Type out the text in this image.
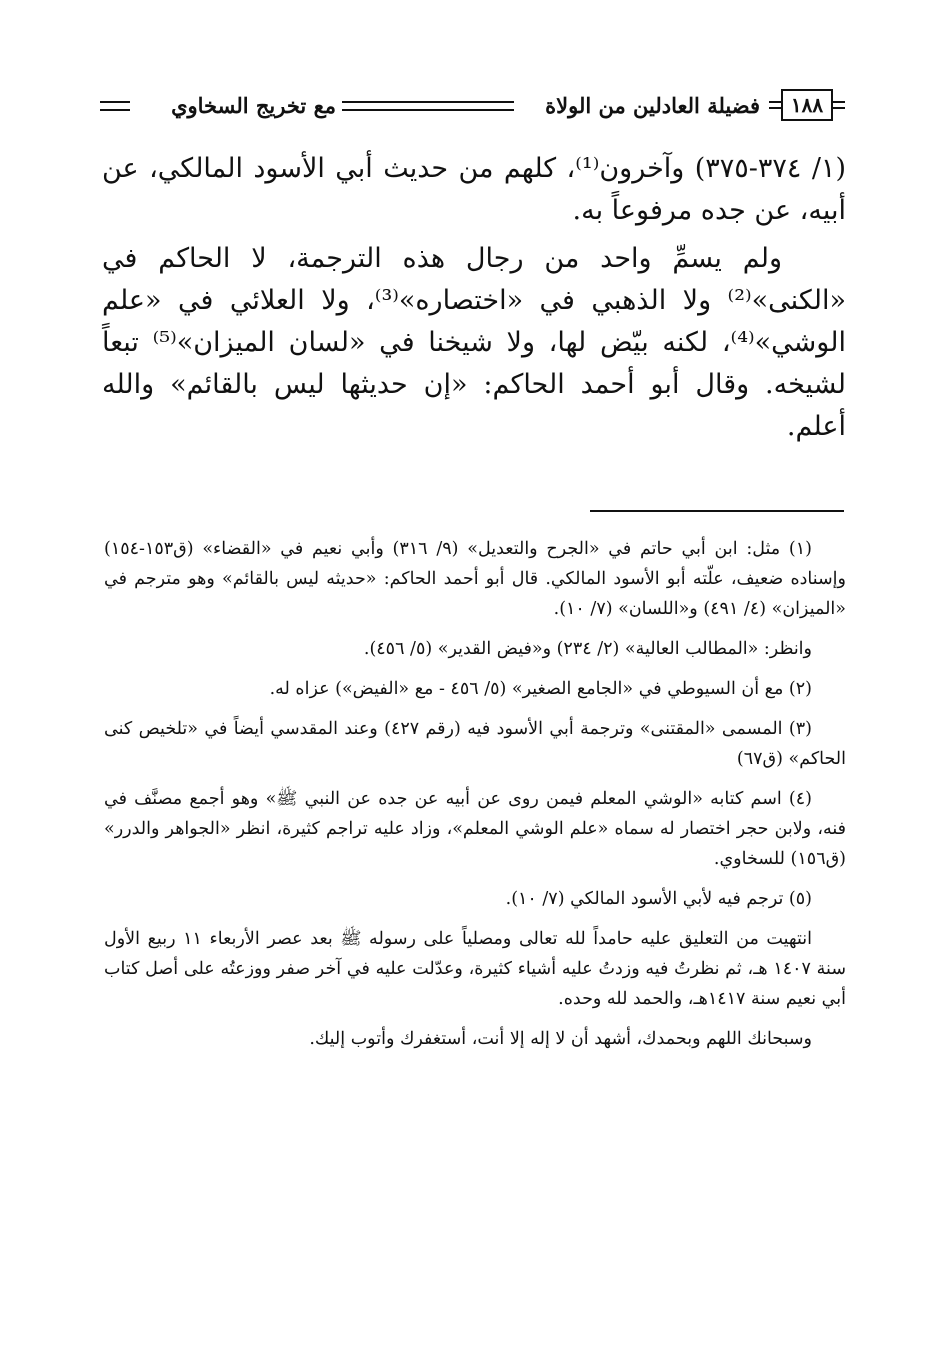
١٨٨
فضيلة العادلين من الولاة
مع تخريج السخاوي

(١/ ٣٧٤-٣٧٥) وآخرون⁽¹⁾، كلهم من حديث أبي الأسود المالكي، عن أبيه، عن جده مرفوعاً به.

ولم يسمِّ واحد من رجال هذه الترجمة، لا الحاكم في «الكنى»⁽²⁾ ولا الذهبي في «اختصاره»⁽³⁾، ولا العلائي في «علم الوشي»⁽⁴⁾، لكنه بيّض لها، ولا شيخنا في «لسان الميزان»⁽⁵⁾ تبعاً لشيخه. وقال أبو أحمد الحاكم: «إن حديثها ليس بالقائم» والله أعلم.

(١) مثل: ابن أبي حاتم في «الجرح والتعديل» (٩/ ٣١٦) وأبي نعيم في «القضاء» (ق١٥٣-١٥٤) وإسناده ضعيف، علّته أبو الأسود المالكي. قال أبو أحمد الحاكم: «حديثه ليس بالقائم» وهو مترجم في «الميزان» (٤/ ٤٩١) و«اللسان» (٧/ ١٠).

وانظر: «المطالب العالية» (٢/ ٢٣٤) و«فيض القدير» (٥/ ٤٥٦).

(٢) مع أن السيوطي في «الجامع الصغير» (٥/ ٤٥٦ - مع «الفيض») عزاه له.

(٣) المسمى «المقتنى» وترجمة أبي الأسود فيه (رقم ٤٢٧) وعند المقدسي أيضاً في «تلخيص كنى الحاكم» (ق٦٧)

(٤) اسم كتابه «الوشي المعلم فيمن روى عن أبيه عن جده عن النبي ﷺ» وهو أجمع مصنَّف في فنه، ولابن حجر اختصار له سماه «علم الوشي المعلم»، وزاد عليه تراجم كثيرة، انظر «الجواهر والدرر» (ق١٥٦) للسخاوي.

(٥) ترجم فيه لأبي الأسود المالكي (٧/ ١٠).

انتهيت من التعليق عليه حامداً لله تعالى ومصلياً على رسوله ﷺ بعد عصر الأربعاء ١١ ربيع الأول سنة ١٤٠٧ هـ، ثم نظرتُ فيه وزدتُ عليه أشياء كثيرة، وعدّلت عليه في آخر صفر ووزعتُه على أصل كتاب أبي نعيم سنة ١٤١٧هـ، والحمد لله وحده.

وسبحانك اللهم وبحمدك، أشهد أن لا إله إلا أنت، أستغفرك وأتوب إليك.
